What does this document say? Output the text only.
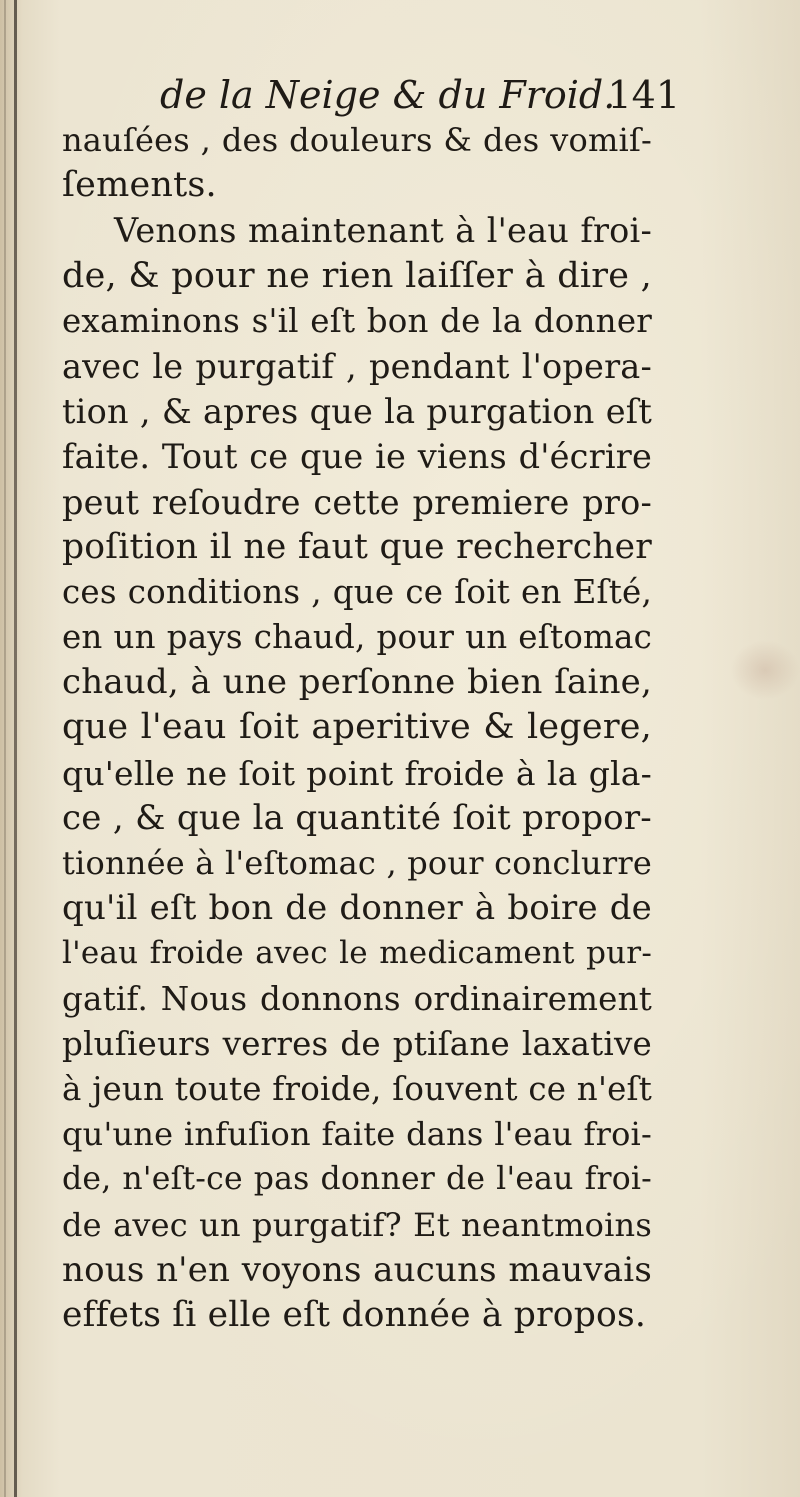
de la Neige & du Froid.
141
nauſées , des douleurs & des vomiſ-
ſements.
Venons maintenant à l'eau froi-
de, & pour ne rien laiſſer à dire ,
examinons s'il eſt bon de la donner
avec le purgatif , pendant l'opera-
tion , & apres que la purgation eſt
faite. Tout ce que ie viens d'écrire
peut reſoudre cette premiere pro-
poſition il ne faut que rechercher
ces conditions , que ce ſoit en Eſté,
en un pays chaud, pour un eſtomac
chaud, à une perſonne bien ſaine,
que l'eau ſoit aperitive & legere,
qu'elle ne ſoit point froide à la gla-
ce , & que la quantité ſoit propor-
tionnée à l'eſtomac , pour conclurre
qu'il eſt bon de donner à boire de
l'eau froide avec le medicament pur-
gatif. Nous donnons ordinairement
pluſieurs verres de ptiſane laxative
à jeun toute froide, ſouvent ce n'eſt
qu'une infuſion faite dans l'eau froi-
de, n'eſt-ce pas donner de l'eau froi-
de avec un purgatif? Et neantmoins
nous n'en voyons aucuns mauvais
effets ſi elle eſt donnée à propos.
